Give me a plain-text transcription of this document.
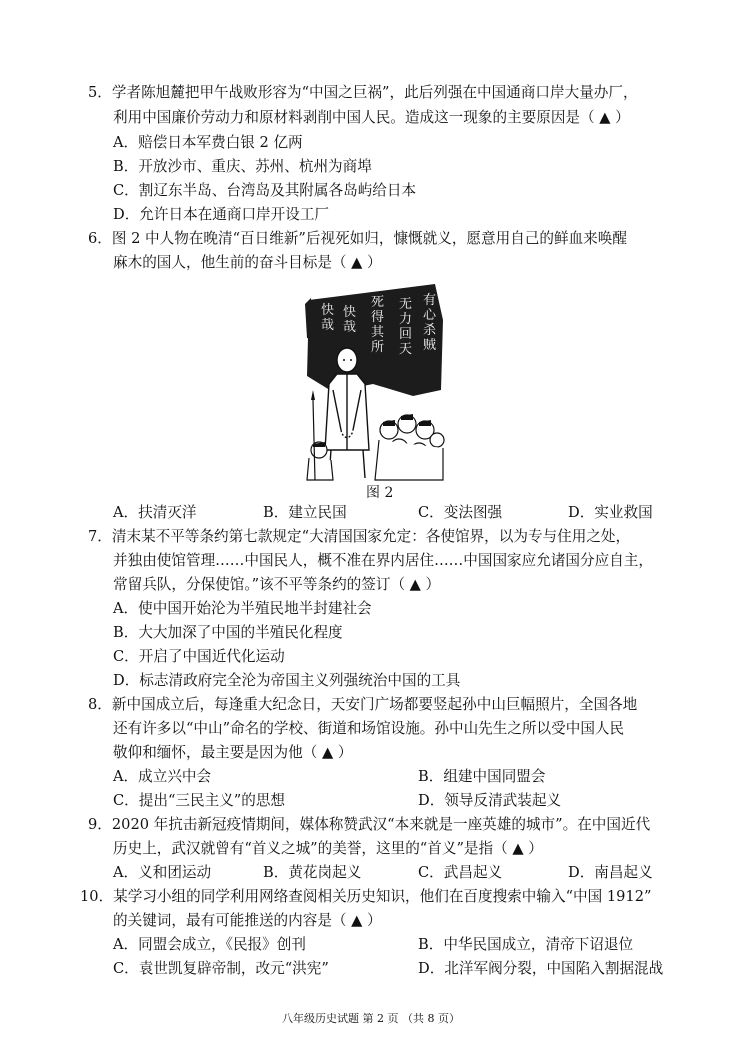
5．学者陈旭麓把甲午战败形容为“中国之巨祸”，此后列强在中国通商口岸大量办厂，
利用中国廉价劳动力和原材料剥削中国人民。造成这一现象的主要原因是（ ▲ ）
A．赔偿日本军费白银 2 亿两
B．开放沙市、重庆、苏州、杭州为商埠
C．割辽东半岛、台湾岛及其附属各岛屿给日本
D．允许日本在通商口岸开设工厂
6．图 2 中人物在晚清“百日维新”后视死如归，慷慨就义，愿意用自己的鲜血来唤醒
麻木的国人，他生前的奋斗目标是（ ▲ ）
有心杀贼
无力回天
死得其所
快哉
快哉
图 2
A．扶清灭洋	B．建立民国	C．变法图强	D．实业救国
7．清末某不平等条约第七款规定“大清国国家允定：各使馆界，以为专与住用之处，
并独由使馆管理……中国民人，概不准在界内居住……中国国家应允诸国分应自主，
常留兵队，分保使馆。”该不平等条约的签订（ ▲ ）
A．使中国开始沦为半殖民地半封建社会
B．大大加深了中国的半殖民化程度
C．开启了中国近代化运动
D．标志清政府完全沦为帝国主义列强统治中国的工具
8．新中国成立后，每逢重大纪念日，天安门广场都要竖起孙中山巨幅照片，全国各地
还有许多以“中山”命名的学校、街道和场馆设施。孙中山先生之所以受中国人民
敬仰和缅怀，最主要是因为他（ ▲ ）
A．成立兴中会	B．组建中国同盟会
C．提出“三民主义”的思想	D．领导反清武装起义
9．2020 年抗击新冠疫情期间，媒体称赞武汉“本来就是一座英雄的城市”。在中国近代
历史上，武汉就曾有“首义之城”的美誉，这里的“首义”是指（ ▲ ）
A．义和团运动	B．黄花岗起义	C．武昌起义	D．南昌起义
10．某学习小组的同学利用网络查阅相关历史知识，他们在百度搜索中输入“中国 1912”
的关键词，最有可能推送的内容是（ ▲ ）
A．同盟会成立，《民报》创刊	B．中华民国成立，清帝下诏退位
C．袁世凯复辟帝制，改元“洪宪”	D．北洋军阀分裂，中国陷入割据混战
八年级历史试题 第 2 页 （共 8 页）
